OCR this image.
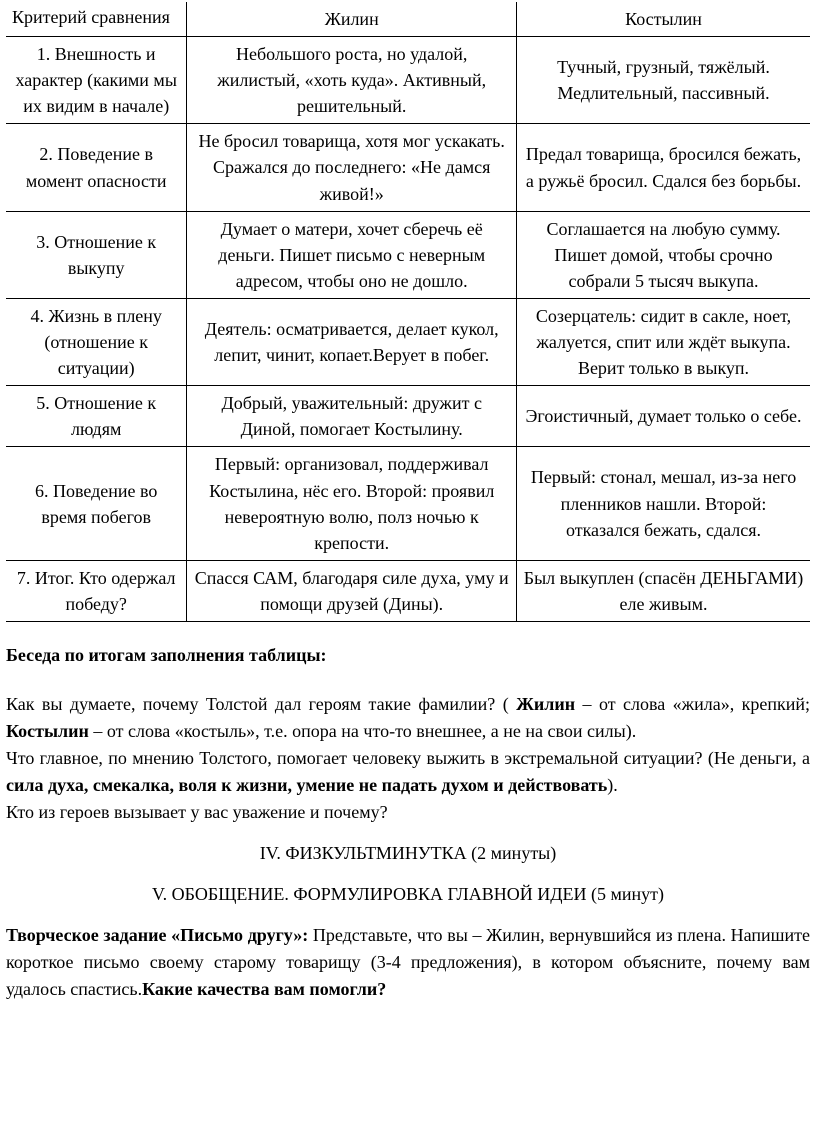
Критерий сравнения	Жилин	Костылин
1. Внешность и характер (какими мы их видим в начале)	Небольшого роста, но удалой, жилистый, «хоть куда». Активный, решительный.	Тучный, грузный, тяжёлый. Медлительный, пассивный.
2. Поведение в момент опасности	Не бросил товарища, хотя мог ускакать. Сражался до последнего: «Не дамся живой!»	Предал товарища, бросился бежать, а ружьё бросил. Сдался без борьбы.
3. Отношение к выкупу	Думает о матери, хочет сберечь её деньги. Пишет письмо с неверным адресом, чтобы оно не дошло.	Соглашается на любую сумму. Пишет домой, чтобы срочно собрали 5 тысяч выкупа.
4. Жизнь в плену (отношение к ситуации)	Деятель: осматривается, делает кукол, лепит, чинит, копает.Верует в побег.	Созерцатель: сидит в сакле, ноет, жалуется, спит или ждёт выкупа. Верит только в выкуп.
5. Отношение к людям	Добрый, уважительный: дружит с Диной, помогает Костылину.	Эгоистичный, думает только о себе.
6. Поведение во время побегов	Первый: организовал, поддерживал Костылина, нёс его. Второй: проявил невероятную волю, полз ночью к крепости.	Первый: стонал, мешал, из-за него пленников нашли. Второй: отказался бежать, сдался.
7. Итог. Кто одержал победу?	Спасся САМ, благодаря силе духа, уму и помощи друзей (Дины).	Был выкуплен (спасён ДЕНЬГАМИ) еле живым.

Беседа по итогам заполнения таблицы:

Как вы думаете, почему Толстой дал героям такие фамилии? ( Жилин – от слова «жила», крепкий; Костылин – от слова «костыль», т.е. опора на что-то внешнее, а не на свои силы).

Что главное, по мнению Толстого, помогает человеку выжить в экстремальной ситуации? (Не деньги, а сила духа, смекалка, воля к жизни, умение не падать духом и действовать).

Кто из героев вызывает у вас уважение и почему?

IV. ФИЗКУЛЬТМИНУТКА (2 минуты)

V. ОБОБЩЕНИЕ. ФОРМУЛИРОВКА ГЛАВНОЙ ИДЕИ (5 минут)

Творческое задание «Письмо другу»: Представьте, что вы – Жилин, вернувшийся из плена. Напишите короткое письмо своему старому товарищу (3-4 предложения), в котором объясните, почему вам удалось спастись.Какие качества вам помогли?
